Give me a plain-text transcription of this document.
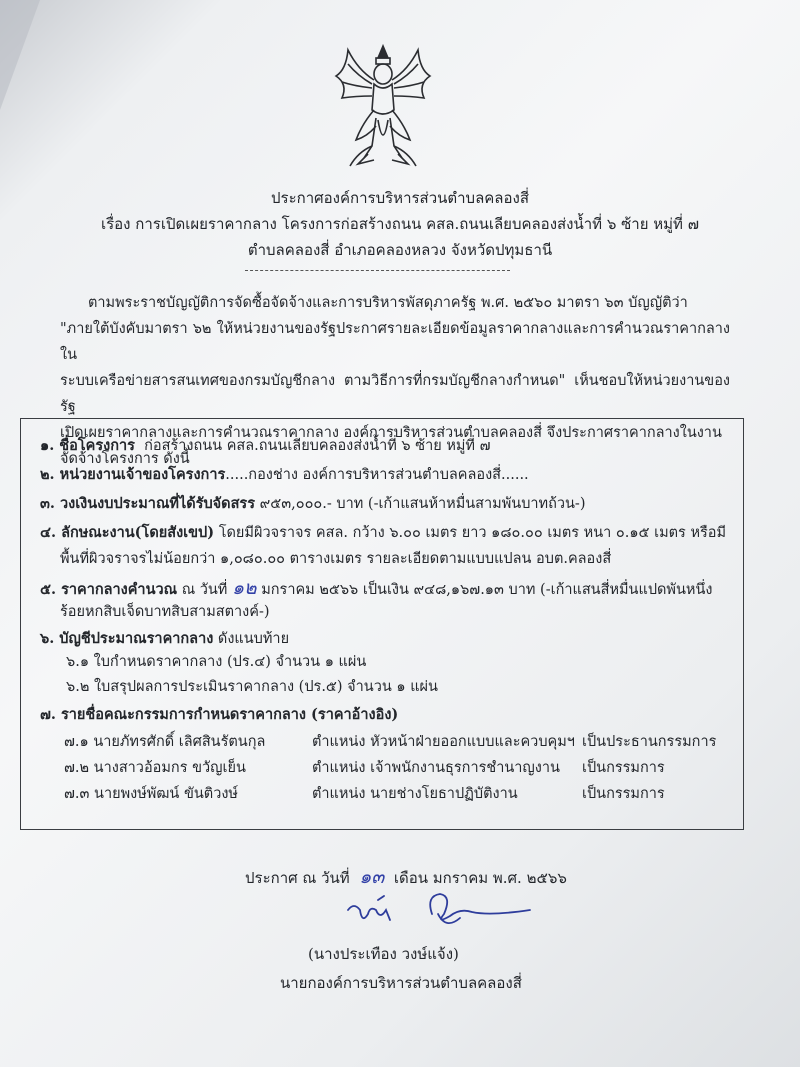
ประกาศองค์การบริหารส่วนตำบลคลองสี่
เรื่อง การเปิดเผยราคากลาง โครงการก่อสร้างถนน คสล.ถนนเลียบคลองส่งน้ำที่ ๖ ซ้าย หมู่ที่ ๗
ตำบลคลองสี่ อำเภอคลองหลวง จังหวัดปทุมธานี
ตามพระราชบัญญัติการจัดซื้อจัดจ้างและการบริหารพัสดุภาครัฐ พ.ศ. ๒๕๖๐ มาตรา ๖๓ บัญญัติว่า
"ภายใต้บังคับมาตรา ๖๒ ให้หน่วยงานของรัฐประกาศรายละเอียดข้อมูลราคากลางและการคำนวณราคากลางใน
ระบบเครือข่ายสารสนเทศของกรมบัญชีกลาง ตามวิธีการที่กรมบัญชีกลางกำหนด" เห็นชอบให้หน่วยงานของรัฐ
เปิดเผยราคากลางและการคำนวณราคากลาง องค์การบริหารส่วนตำบลคลองสี่ จึงประกาศราคากลางในงาน
จัดจ้างโครงการ ดังนี้
๑. ชื่อโครงการ ก่อสร้างถนน คสล.ถนนเลียบคลองส่งน้ำที่ ๖ ซ้าย หมู่ที่ ๗
๒. หน่วยงานเจ้าของโครงการ.....กองช่าง องค์การบริหารส่วนตำบลคลองสี่......
๓. วงเงินงบประมาณที่ได้รับจัดสรร ๙๕๓,๐๐๐.- บาท (-เก้าแสนห้าหมื่นสามพันบาทถ้วน-)
๔. ลักษณะงาน(โดยสังเขป) โดยมีผิวจราจร คสล. กว้าง ๖.๐๐ เมตร ยาว ๑๘๐.๐๐ เมตร หนา ๐.๑๕ เมตร หรือมี
พื้นที่ผิวจราจรไม่น้อยกว่า ๑,๐๘๐.๐๐ ตารางเมตร รายละเอียดตามแบบแปลน อบต.คลองสี่
๕. ราคากลางคำนวณ ณ วันที่ ๑๒ มกราคม ๒๕๖๖ เป็นเงิน ๙๔๘,๑๖๗.๑๓ บาท (-เก้าแสนสี่หมื่นแปดพันหนึ่ง
ร้อยหกสิบเจ็ดบาทสิบสามสตางค์-)
๖. บัญชีประมาณราคากลาง ดังแนบท้าย
๖.๑ ใบกำหนดราคากลาง (ปร.๔) จำนวน ๑ แผ่น
๖.๒ ใบสรุปผลการประเมินราคากลาง (ปร.๕) จำนวน ๑ แผ่น
๗. รายชื่อคณะกรรมการกำหนดราคากลาง (ราคาอ้างอิง)
๗.๑ นายภัทรศักดิ์ เลิศสินรัตนกุล	ตำแหน่ง หัวหน้าฝ่ายออกแบบและควบคุมฯ เป็นประธานกรรมการ
๗.๒ นางสาวอ้อมกร ขวัญเย็น	ตำแหน่ง เจ้าพนักงานธุรการชำนาญงาน เป็นกรรมการ
๗.๓ นายพงษ์พัฒน์ ขันติวงษ์	ตำแหน่ง นายช่างโยธาปฏิบัติงาน	เป็นกรรมการ
ประกาศ ณ วันที่ ๑๓ เดือน มกราคม พ.ศ. ๒๕๖๖
(นางประเทือง วงษ์แจ้ง)
นายกองค์การบริหารส่วนตำบลคลองสี่
